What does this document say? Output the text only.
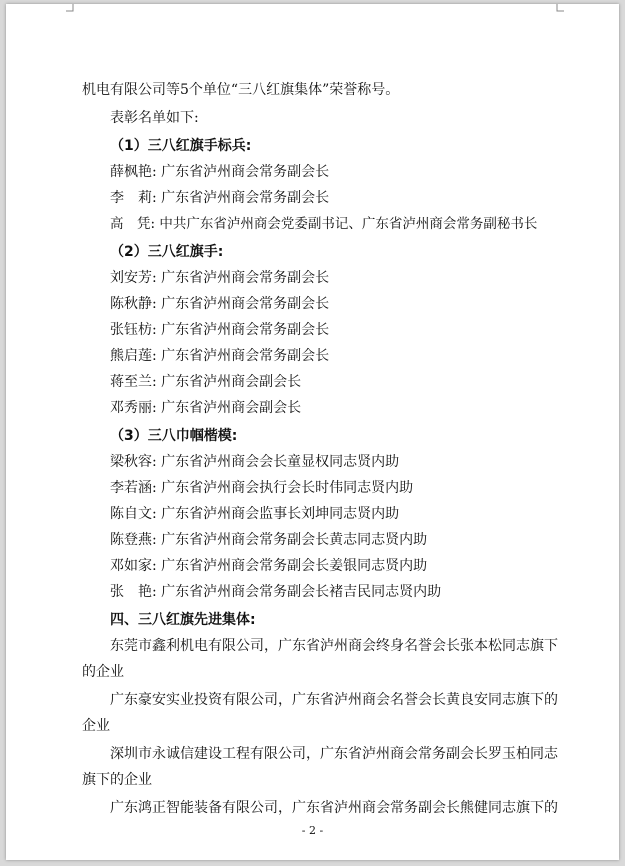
机电有限公司等5个单位“三八红旗集体”荣誉称号。
表彰名单如下:
（1）三八红旗手标兵:
薛枫艳: 广东省泸州商会常务副会长
李　莉: 广东省泸州商会常务副会长
高　凭: 中共广东省泸州商会党委副书记、广东省泸州商会常务副秘书长
（2）三八红旗手:
刘安芳: 广东省泸州商会常务副会长
陈秋静: 广东省泸州商会常务副会长
张钰枋: 广东省泸州商会常务副会长
熊启莲: 广东省泸州商会常务副会长
蒋至兰: 广东省泸州商会副会长
邓秀丽: 广东省泸州商会副会长
（3）三八巾帼楷模:
梁秋容: 广东省泸州商会会长童显权同志贤内助
李若涵: 广东省泸州商会执行会长时伟同志贤内助
陈自文: 广东省泸州商会监事长刘坤同志贤内助
陈登燕: 广东省泸州商会常务副会长黄志同志贤内助
邓如家: 广东省泸州商会常务副会长姜银同志贤内助
张　艳: 广东省泸州商会常务副会长褚吉民同志贤内助
四、三八红旗先进集体:
东莞市鑫利机电有限公司，广东省泸州商会终身名誉会长张本松同志旗下
的企业
广东豪安实业投资有限公司，广东省泸州商会名誉会长黄良安同志旗下的
企业
深圳市永诚信建设工程有限公司，广东省泸州商会常务副会长罗玉柏同志
旗下的企业
广东鸿正智能装备有限公司，广东省泸州商会常务副会长熊健同志旗下的
- 2 -
